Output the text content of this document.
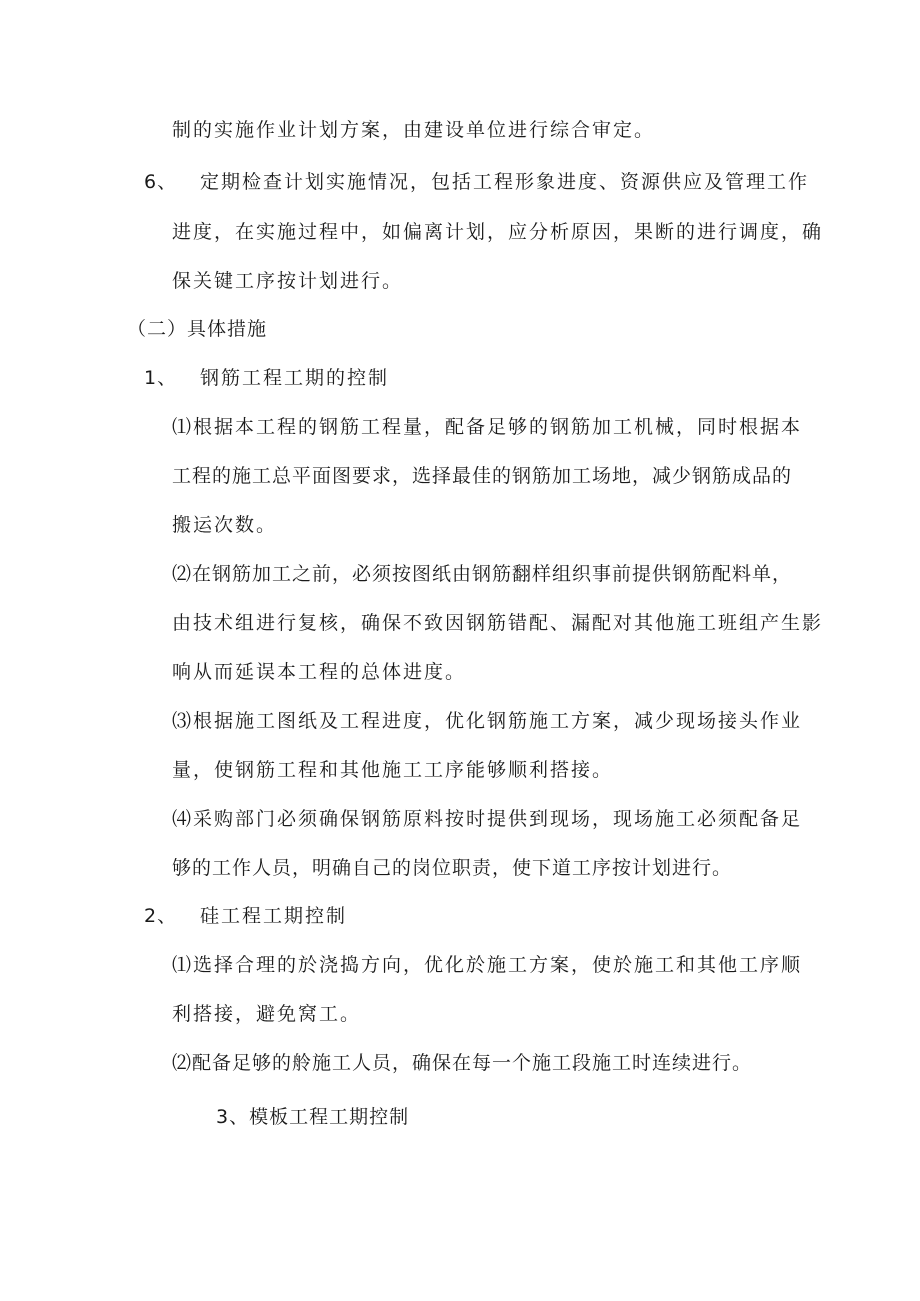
制的实施作业计划方案，由建设单位进行综合审定。
6、 定期检查计划实施情况，包括工程形象进度、资源供应及管理工作
进度，在实施过程中，如偏离计划，应分析原因，果断的进行调度，确
保关键工序按计划进行。
（二）具体措施
1、 钢筋工程工期的控制
⑴根据本工程的钢筋工程量，配备足够的钢筋加工机械，同时根据本
工程的施工总平面图要求，选择最佳的钢筋加工场地，减少钢筋成品的
搬运次数。
⑵在钢筋加工之前，必须按图纸由钢筋翻样组织事前提供钢筋配料单，
由技术组进行复核，确保不致因钢筋错配、漏配对其他施工班组产生影
响从而延误本工程的总体进度。
⑶根据施工图纸及工程进度，优化钢筋施工方案，减少现场接头作业
量，使钢筋工程和其他施工工序能够顺利搭接。
⑷采购部门必须确保钢筋原料按时提供到现场，现场施工必须配备足
够的工作人员，明确自己的岗位职责，使下道工序按计划进行。
2、 硅工程工期控制
⑴选择合理的於浇捣方向，优化於施工方案，使於施工和其他工序顺
利搭接，避免窝工。
⑵配备足够的舲施工人员，确保在每一个施工段施工时连续进行。
3、模板工程工期控制
